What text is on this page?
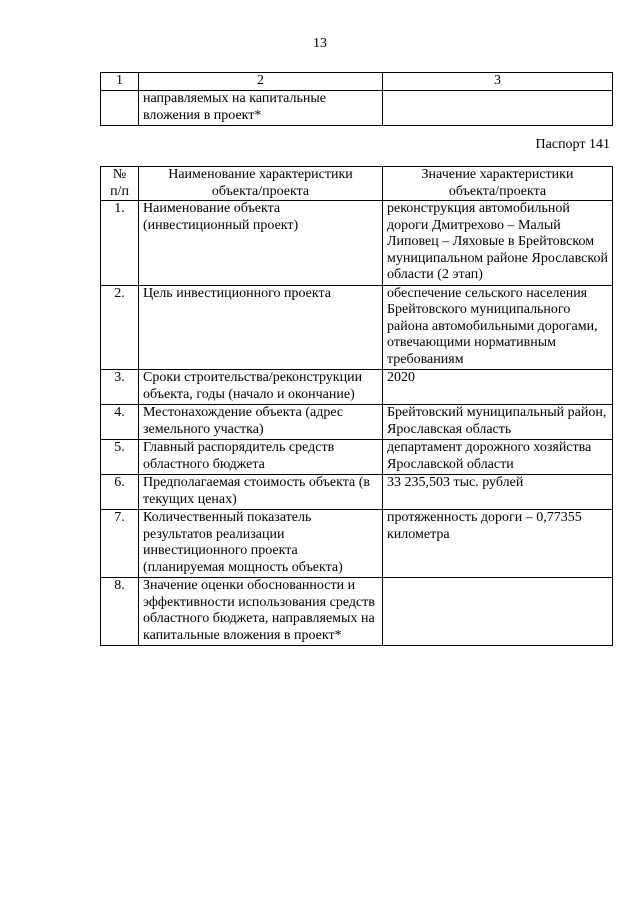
13
1	2	3
	направляемых на капитальные вложения в проект*	
Паспорт 141
№ п/п	Наименование характеристики объекта/проекта	Значение характеристики объекта/проекта
1.	Наименование объекта (инвестиционный проект)	реконструкция автомобильной дороги Дмитрехово – Малый Липовец – Ляховые в Брейтовском муниципальном районе Ярославской области (2 этап)
2.	Цель инвестиционного проекта	обеспечение сельского населения Брейтовского муниципального района автомобильными дорогами, отвечающими нормативным требованиям
3.	Сроки строительства/реконструкции объекта, годы (начало и окончание)	2020
4.	Местонахождение объекта (адрес земельного участка)	Брейтовский муниципальный район, Ярославская область
5.	Главный распорядитель средств областного бюджета	департамент дорожного хозяйства Ярославской области
6.	Предполагаемая стоимость объекта (в текущих ценах)	33 235,503 тыс. рублей
7.	Количественный показатель результатов реализации инвестиционного проекта (планируемая мощность объекта)	протяженность дороги – 0,77355 километра
8.	Значение оценки обоснованности и эффективности использования средств областного бюджета, направляемых на капитальные вложения в проект*	
